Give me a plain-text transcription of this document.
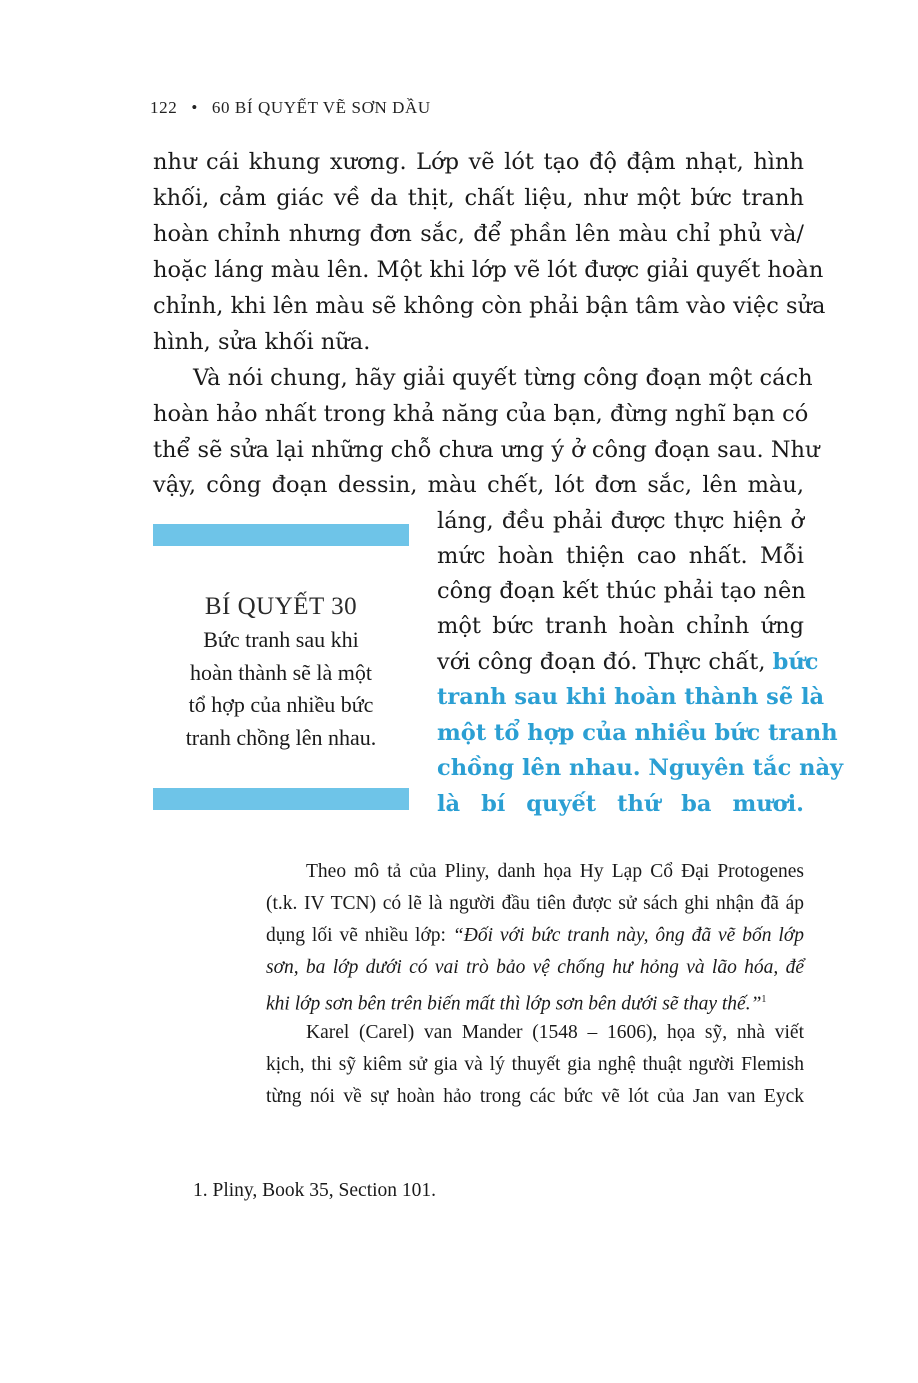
122 • 60 BÍ QUYẾT VẼ SƠN DẦU
như cái khung xương. Lớp vẽ lót tạo độ đậm nhạt, hình
khối, cảm giác về da thịt, chất liệu, như một bức tranh
hoàn chỉnh nhưng đơn sắc, để phần lên màu chỉ phủ và/
hoặc láng màu lên. Một khi lớp vẽ lót được giải quyết hoàn
chỉnh, khi lên màu sẽ không còn phải bận tâm vào việc sửa
hình, sửa khối nữa.
Và nói chung, hãy giải quyết từng công đoạn một cách
hoàn hảo nhất trong khả năng của bạn, đừng nghĩ bạn có
thể sẽ sửa lại những chỗ chưa ưng ý ở công đoạn sau. Như
vậy, công đoạn dessin, màu chết, lót đơn sắc, lên màu,
BÍ QUYẾT 30
Bức tranh sau khi
hoàn thành sẽ là một
tổ hợp của nhiều bức
tranh chồng lên nhau.
láng, đều phải được thực hiện ở
mức hoàn thiện cao nhất. Mỗi
công đoạn kết thúc phải tạo nên
một bức tranh hoàn chỉnh ứng
với công đoạn đó. Thực chất, bức
tranh sau khi hoàn thành sẽ là
một tổ hợp của nhiều bức tranh
chồng lên nhau. Nguyên tắc này
là bí quyết thứ ba mươi.
Theo mô tả của Pliny, danh họa Hy Lạp Cổ Đại Protogenes
(t.k. IV TCN) có lẽ là người đầu tiên được sử sách ghi nhận đã áp
dụng lối vẽ nhiều lớp: “Đối với bức tranh này, ông đã vẽ bốn lớp
sơn, ba lớp dưới có vai trò bảo vệ chống hư hỏng và lão hóa, để
khi lớp sơn bên trên biến mất thì lớp sơn bên dưới sẽ thay thế.”$^1$
Karel (Carel) van Mander (1548 – 1606), họa sỹ, nhà viết
kịch, thi sỹ kiêm sử gia và lý thuyết gia nghệ thuật người Flemish
từng nói về sự hoàn hảo trong các bức vẽ lót của Jan van Eyck
1. Pliny, Book 35, Section 101.
